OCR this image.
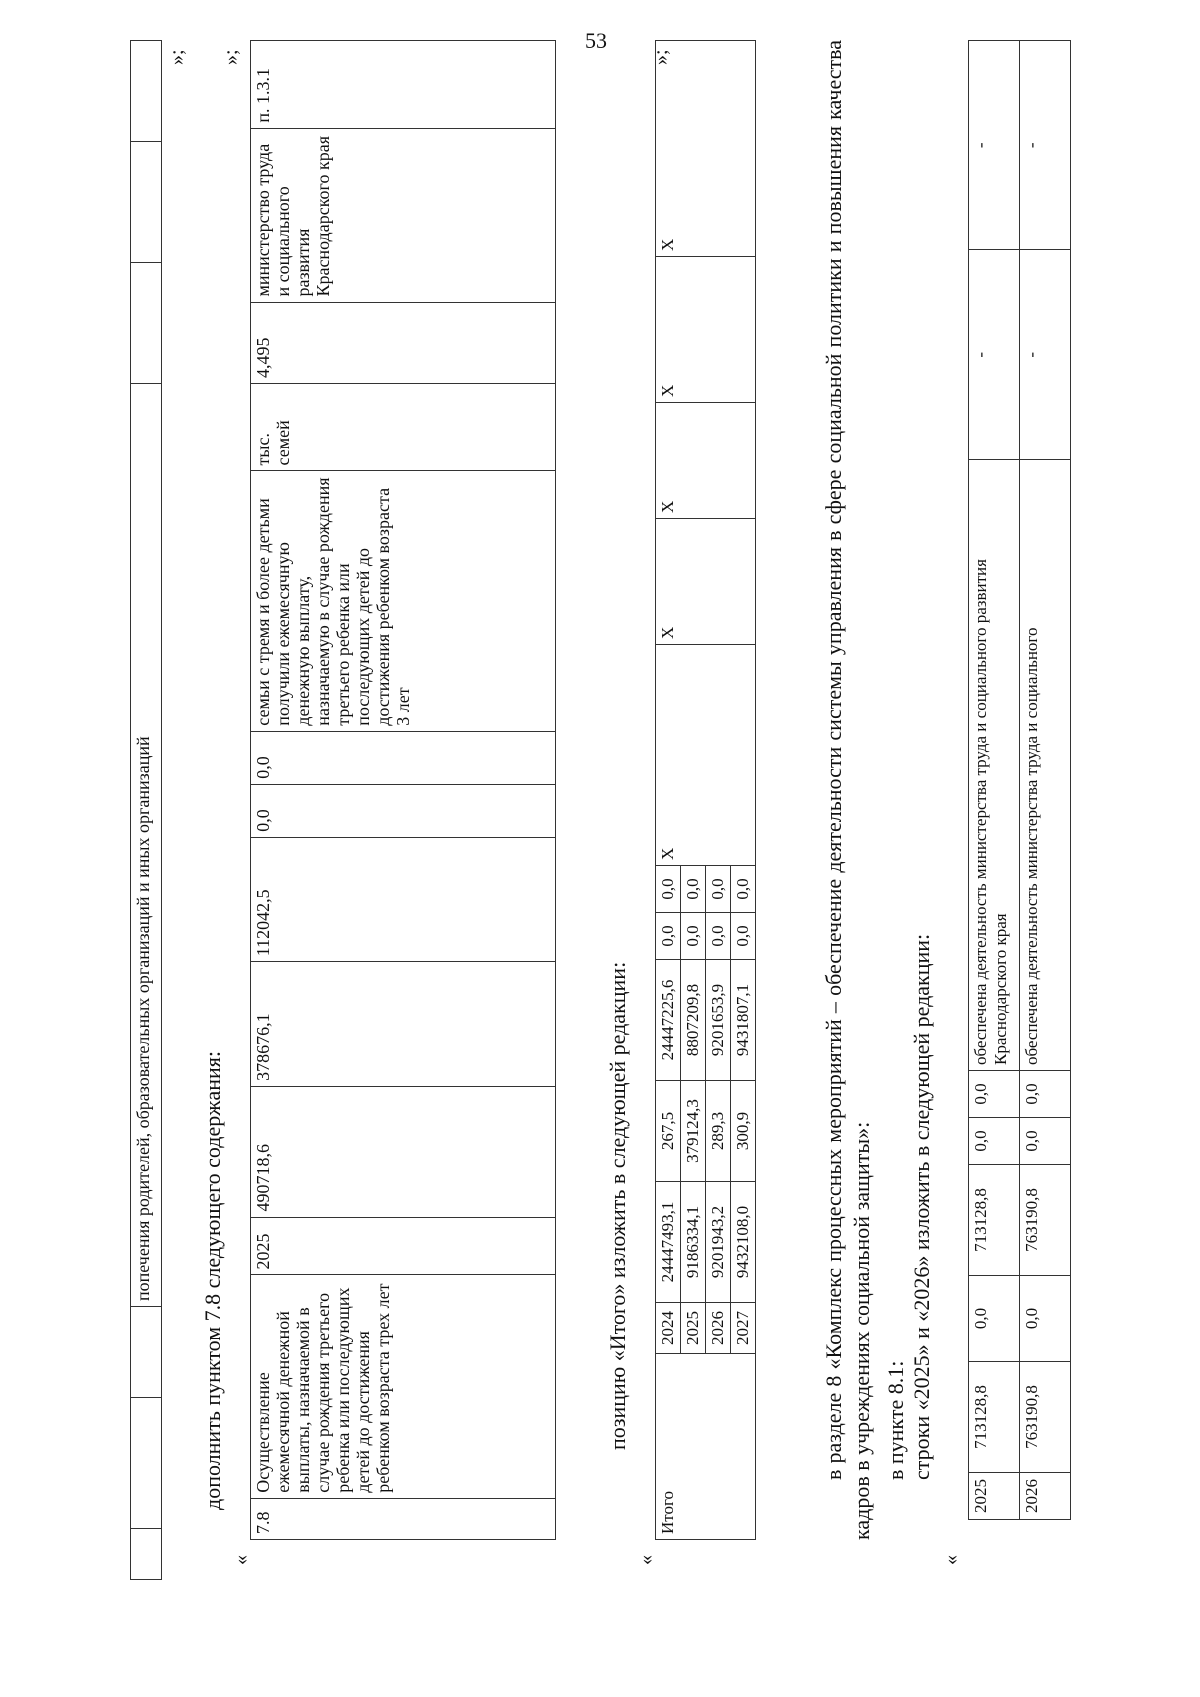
53
			попечения родителей, образовательных организаций и иных организаций			
»;
дополнить пунктом 7.8 следующего содержания:
«
7.8	Осуществление ежемесячной денежной выплаты, назначаемой в случае рождения третьего ребенка или последующих детей до достижения ребенком возраста трех лет	2025	490718,6	378676,1	112042,5	0,0	0,0	семьи с тремя и более детьми получили ежемесячную денежную выплату, назначаемую в случае рождения третьего ребенка или последующих детей до достижения ребенком возраста 3 лет	тыс. семей	4,495	министерство труда и социального развития Краснодарского края	п. 1.3.1
»;
позицию «Итого» изложить в следующей редакции:
«
Итого	2024	24447493,1	267,5	24447225,6	0,0	0,0	X	X	X	X	X
	2025	9186334,1	379124,3	8807209,8	0,0	0,0					
	2026	9201943,2	289,3	9201653,9	0,0	0,0					
	2027	9432108,0	300,9	9431807,1	0,0	0,0					
»;	в разделе 8 «Комплекс процессных мероприятий – обеспечение деятельности системы управления в сфере социальной политики и повышения качества кадров в учреждениях социальной защиты»: в пункте 8.1: строки «2025» и «2026» изложить в следующей редакции:
«
2025	713128,8	0,0	713128,8	0,0	0,0	обеспечена деятельность министерства труда и социального развития Краснодарского края	-	-
2026	763190,8	0,0	763190,8	0,0	0,0	обеспечена деятельность министерства труда и социального	-	-
